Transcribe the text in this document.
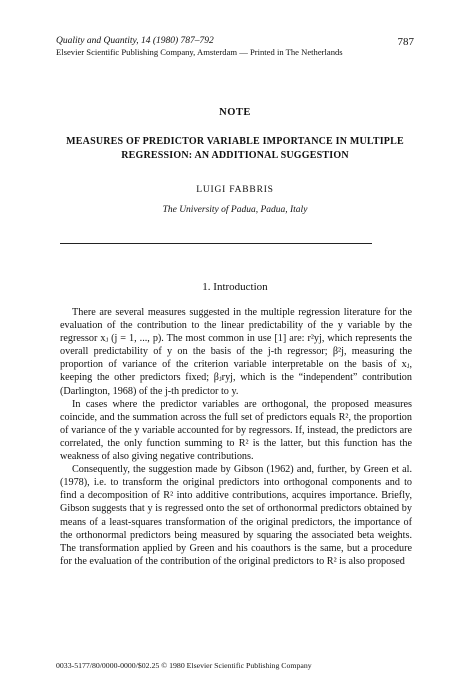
Quality and Quantity, 14 (1980) 787–792
Elsevier Scientific Publishing Company, Amsterdam — Printed in The Netherlands
787
NOTE
MEASURES OF PREDICTOR VARIABLE IMPORTANCE IN MULTIPLE REGRESSION: AN ADDITIONAL SUGGESTION
LUIGI FABBRIS
The University of Padua, Padua, Italy
1. Introduction

There are several measures suggested in the multiple regression literature for the evaluation of the contribution to the linear predictability of the y variable by the regressor xⱼ (j = 1, ..., p). The most common in use [1] are: r²yj, which represents the overall predictability of y on the basis of the j-th regressor; β²j, measuring the proportion of variance of the criterion variable interpretable on the basis of xⱼ, keeping the other predictors fixed; βⱼryj, which is the “independent” contribution (Darlington, 1968) of the j-th predictor to y.

In cases where the predictor variables are orthogonal, the proposed measures coincide, and the summation across the full set of predictors equals R², the proportion of variance of the y variable accounted for by regressors. If, instead, the predictors are correlated, the only function summing to R² is the latter, but this function has the weakness of also giving negative contributions.

Consequently, the suggestion made by Gibson (1962) and, further, by Green et al. (1978), i.e. to transform the original predictors into orthogonal components and to find a decomposition of R² into additive contributions, acquires importance. Briefly, Gibson suggests that y is regressed onto the set of orthonormal predictors obtained by means of a least-squares transformation of the original predictors, the importance of the orthonormal predictors being measured by squaring the associated beta weights. The transformation applied by Green and his coauthors is the same, but a procedure for the evaluation of the contribution of the original predictors to R² is also proposed

0033-5177/80/0000-0000/$02.25 © 1980 Elsevier Scientific Publishing Company
